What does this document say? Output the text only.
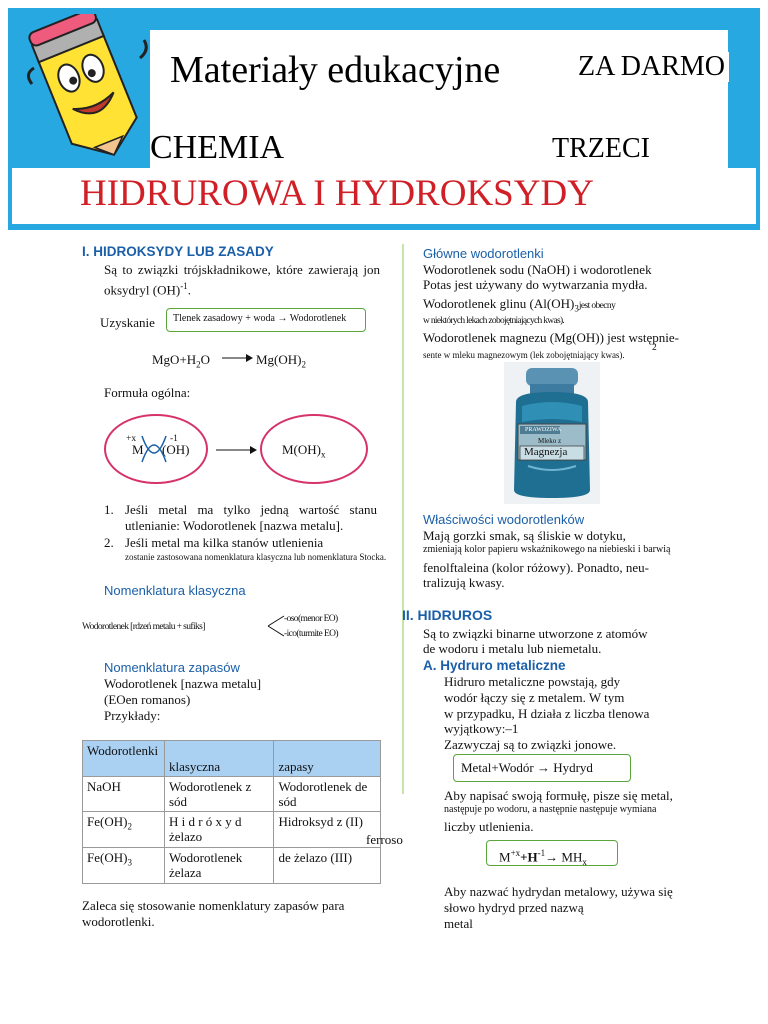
Materiały edukacyjne	ZA DARMO
CHEMIA	TRZECI
HIDRUROWA I HYDROKSYDY
I. HIDROKSYDY LUB ZASADY
Są to związki trójskładnikowe, które zawierają jon oksydryl (OH)$^{-1}$.
Uzyskanie	Tlenek zasadowy + woda → Wodorotlenek
$MgO+H_2O \to Mg(OH)_2$
Formuła ogólna:
+x	-1
M (OH)	$M(OH)_x$
1. Jeśli metal ma tylko jedną wartość stanu utlenianie: Wodorotlenek [nazwa metalu].
2. Jeśli metal ma kilka stanów utlenienia
zostanie zastosowana nomenklatura klasyczna lub nomenklatura Stocka.
Nomenklatura klasyczna
Wodorotlenek [rdzeń metalu + sufiks]
-oso(menor EO)
-ico(turmite EO)
Nomenklatura zapasów
Wodorotlenek [nazwa metalu]
(EOen romanos)
Przykłady:
Wodorotlenki	klasyczna	zapasy
NaOH	Wodorotlenek z sód	Wodorotlenek de sód
$Fe(OH)_2$	H i d r ó x y d żelazo	Hidroksyd z (II)
$Fe(OH)_3$	Wodorotlenek żelaza	de żelazo (III)
ferroso
Zaleca się stosowanie nomenklatury zapasów para wodorotlenki.
Główne wodorotlenki
Wodorotlenek sodu (NaOH) i wodorotlenek
Potas jest używany do wytwarzania mydła.
Wodorotlenek glinu ($Al(OH)_3jest$ obecny
w niektórych lekach zobojętniających kwas).
Wodorotlenek magnezu (Mg(OH)) jest wstępnie-
2
sente w mleku magnezowym (lek zobojętniający kwas).
PRAWDZIWA
Mleko z
Magnezja
Właściwości wodorotlenków
Mają gorzki smak, są śliskie w dotyku,
zmieniają kolor papieru wskaźnikowego na niebieski i barwią
fenolftaleina (kolor różowy). Ponadto, neu-
tralizują kwasy.
II. HIDRUROS
Są to związki binarne utworzone z atomów
de wodoru i metalu lub niemetalu.
A. Hydruro metaliczne
Hidruro metaliczne powstają, gdy
wodór łączy się z metalem. W tym
w przypadku, H działa z liczba tlenowa
wyjątkowy:–1
Zazwyczaj są to związki jonowe.
Metal+Wodór → Hydryd
Aby napisać swoją formułę, pisze się metal,
następuje po wodoru, a następnie następuje wymiana
liczby utlenienia.
$M^{+x}+H^{-1}\to MH_x$
Aby nazwać hydrydan metalowy, używa się
słowo hydryd przed nazwą
metal
